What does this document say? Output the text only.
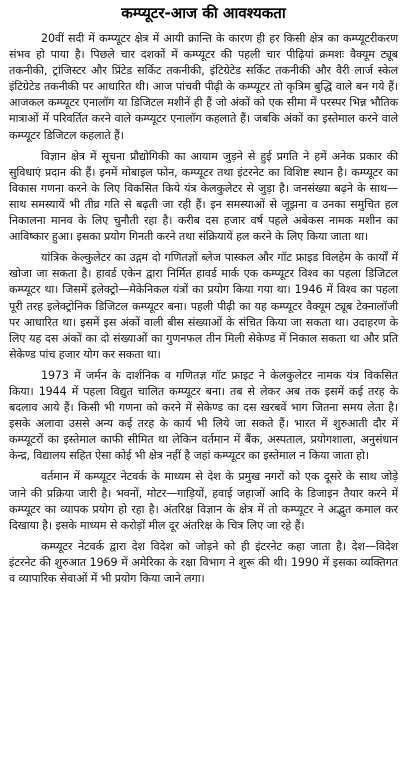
कम्प्यूटर-आज की आवश्यकता

20वीं सदी में कम्प्यूटर क्षेत्र में आयी क्रान्ति के कारण ही हर किसी क्षेत्र का कम्प्यूटरीकरण संभव हो पाया है। पिछले चार दशकों में कम्प्यूटर की पहली चार पीढ़ियां क्रमशः वैक्यूम ट्यूब तकनीकी, ट्रांजिस्टर और प्रिंटेड सर्किट तकनीकी, इंटिग्रेटेड सर्किट तकनीकी और वैरी लार्ज स्केल इंटिग्रेटेड तकनीकी पर आधारित थी। आज पांचवी पीढ़ी के कम्प्यूटर तो कृत्रिम बुद्धि वाले बन गये हैं। आजकल कम्प्यूटर एनालॉग या डिजिटल मशीनें ही हैं जो अंकों को एक सीमा में परस्पर भिन्न भौतिक मात्राओं में परिवर्तित करने वाले कम्प्यूटर एनालॉग कहलाते हैं। जबकि अंकों का इस्तेमाल करने वाले कम्प्यूटर डिजिटल कहलाते हैं।

विज्ञान क्षेत्र में सूचना प्रौद्योगिकी का आयाम जुड़ने से हुई प्रगति ने हमें अनेक प्रकार की सुविधाएं प्रदान की हैं। इनमें मोबाइल फोन, कम्प्यूटर तथा इंटरनेट का विशिष्ट स्थान है। कम्प्यूटर का विकास गणना करने के लिए विकसित किये यंत्र केलकुलेटर से जुड़ा है। जनसंख्या बढ़ने के साथ—साथ समस्यायें भी तीव्र गति से बढ़ती जा रही हैं। इन समस्याओं से जूझना व उनका समुचित हल निकालना मानव के लिए चुनौती रहा है। करीब दस हजार वर्ष पहले अबेकस नामक मशीन का आविष्कार हुआ। इसका प्रयोग गिनती करने तथा संक्रियायें हल करने के लिए किया जाता था।

यांत्रिक केल्कुलेटर का उद्गम दो गणितज्ञों ब्लेज पास्कल और गॉट फ्राइड विलहेम के कार्यों में खोजा जा सकता है। हावर्ड एकेन द्वारा निर्मित हावर्ड मार्क एक कम्प्यूटर विश्व का पहला डिजिटल कम्प्यूटर था। जिसमें इलेक्ट्रो—मेकेनिकल यंत्रों का प्रयोग किया गया था। 1946 में विश्व का पहला पूरी तरह इलेक्ट्रोनिक डिजिटल कम्प्यूटर बना। पहली पीढ़ी का यह कम्प्यूटर वैक्यूम ट्यूब टेक्नालॉजी पर आधारित था। इसमें इस अंकों वाली बीस संख्याओं के संचित किया जा सकता था। उदाहरण के लिए यह दस अंकों का दो संख्याओं का गुणनफल तीन मिली सेकेण्ड में निकाल सकता था और प्रति सेकेण्ड पांच हजार योग कर सकता था।

1973 में जर्मन के दार्शनिक व गणितज्ञ गॉट फ्राइट ने केलकुलेटर नामक यंत्र विकसित किया। 1944 में पहला विद्युत चालित कम्प्यूटर बना। तब से लेकर अब तक इसमें कई तरह के बदलाव आये हैं। किसी भी गणना को करने में सेकेण्ड का दस खरबवें भाग जितना समय लेता है। इसके अलावा उससे अन्य कई तरह के कार्य भी लिये जा सकते हैं। भारत में शुरुआती दौर में कम्प्यूटरों का इस्तेमाल काफी सीमित था लेकिन वर्तमान में बैंक, अस्पताल, प्रयोगशाला, अनुसंधान केन्द्र, विद्यालय सहित ऐसा कोई भी क्षेत्र नहीं है जहां कम्प्यूटर का इस्तेमाल न किया जाता हो।

वर्तमान में कम्प्यूटर नेटवर्क के माध्यम से देश के प्रमुख नगरों को एक दूसरे के साथ जोड़े जाने की प्रक्रिया जारी है। भवनों, मोटर—गाड़ियों, हवाई जहाजों आदि के डिजाइन तैयार करने में कम्प्यूटर का व्यापक प्रयोग हो रहा है। अंतरिक्ष विज्ञान के क्षेत्र में तो कम्प्यूटर ने अद्भुत कमाल कर दिखाया है। इसके माध्यम से करोड़ों मील दूर अंतरिक्ष के चित्र लिए जा रहे हैं।

कम्प्यूटर नेटवर्क द्वारा देश विदेश को जोड़ने को ही इंटरनेट कहा जाता है। देश—विदेश इंटरनेट की शुरुआत 1969 में अमेरिका के रक्षा विभाग ने शुरू की थी। 1990 में इसका व्यक्तिगत व व्यापारिक सेवाओं में भी प्रयोग किया जाने लगा।
